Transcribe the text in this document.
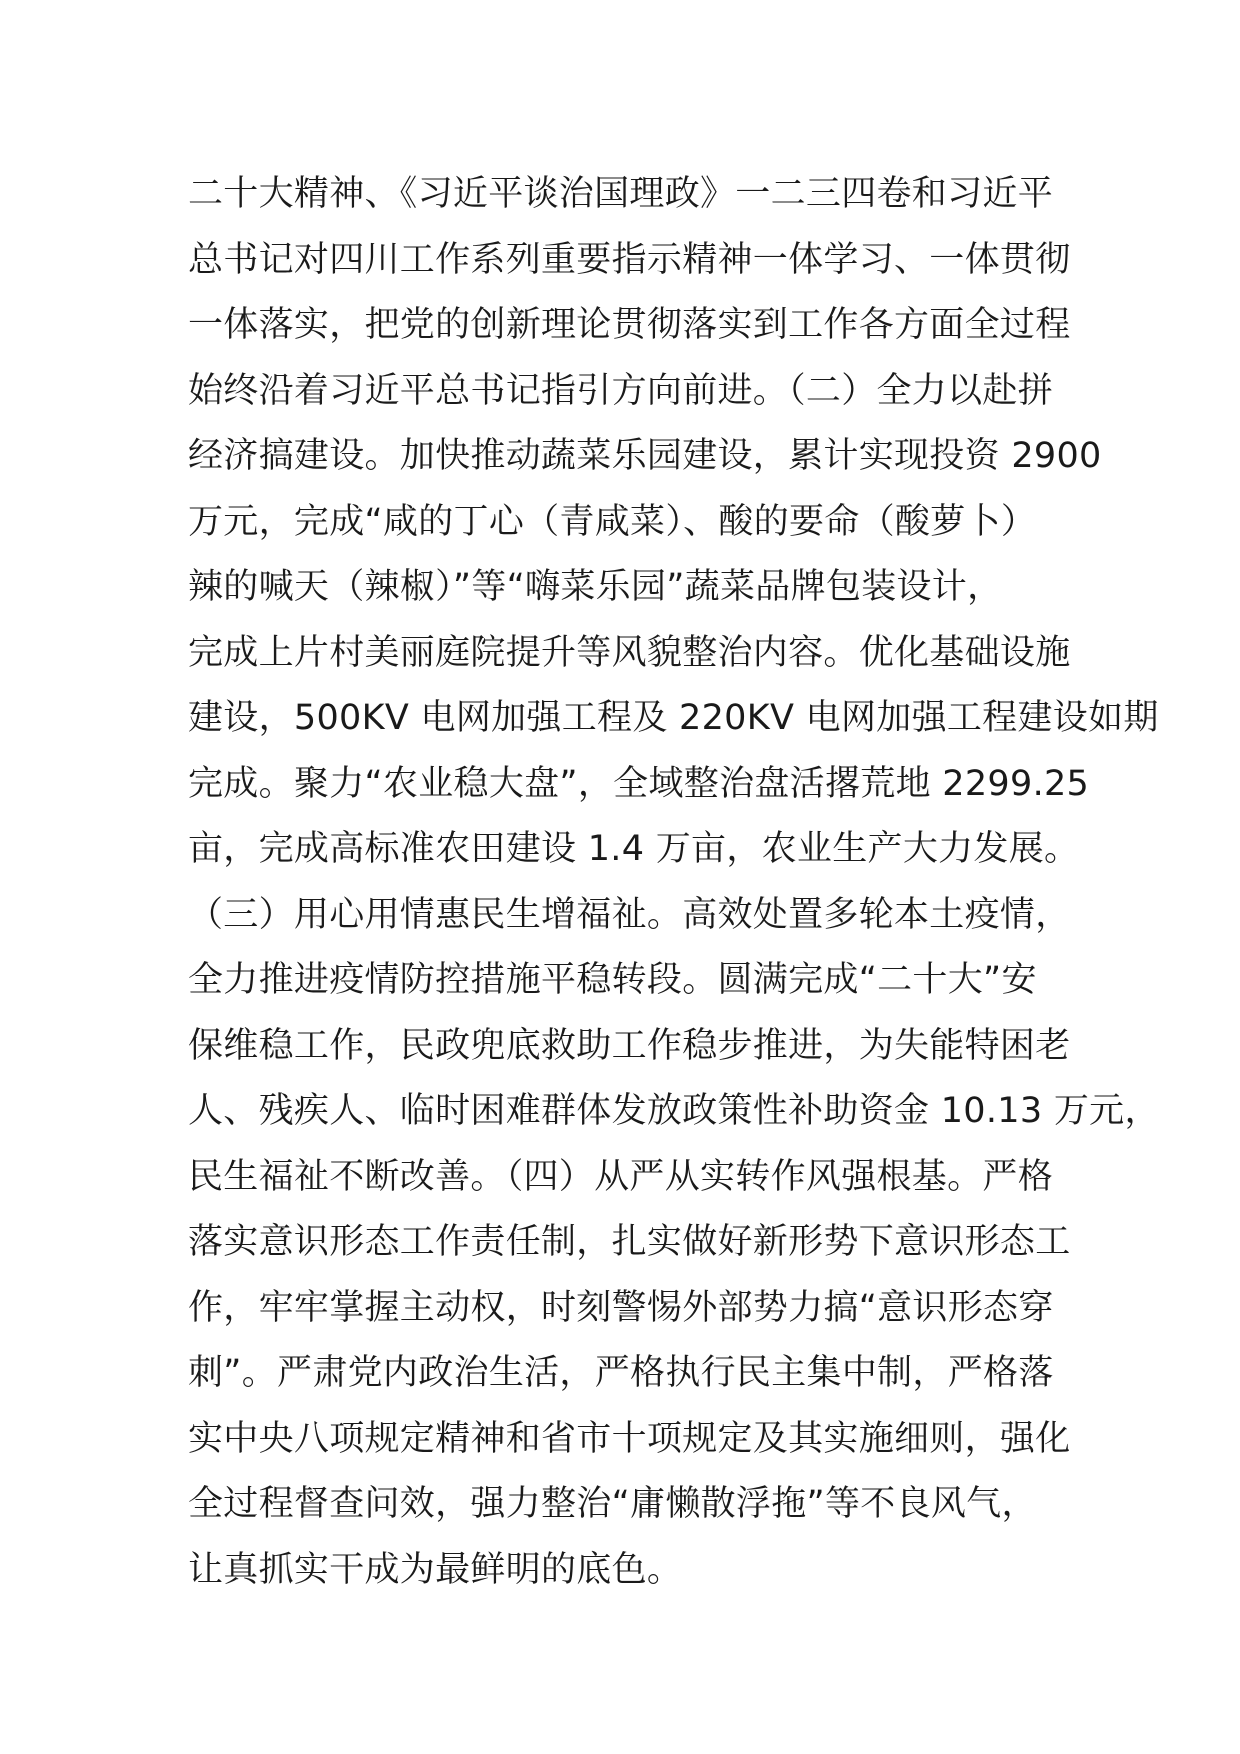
二十大精神、《习近平谈治国理政》一二三四卷和习近平
总书记对四川工作系列重要指示精神一体学习、一体贯彻
一体落实，把党的创新理论贯彻落实到工作各方面全过程
始终沿着习近平总书记指引方向前进。（二）全力以赴拼
经济搞建设。加快推动蔬菜乐园建设，累计实现投资 2900
万元，完成“咸的丁心（青咸菜）、酸的要命（酸萝卜）
辣的喊天（辣椒）”等“嗨菜乐园”蔬菜品牌包装设计，
完成上片村美丽庭院提升等风貌整治内容。优化基础设施
建设，500KV 电网加强工程及 220KV 电网加强工程建设如期
完成。聚力“农业稳大盘”，全域整治盘活撂荒地 2299.25
亩，完成高标准农田建设 1.4 万亩，农业生产大力发展。
（三）用心用情惠民生增福祉。高效处置多轮本土疫情，
全力推进疫情防控措施平稳转段。圆满完成“二十大”安
保维稳工作，民政兜底救助工作稳步推进，为失能特困老
人、残疾人、临时困难群体发放政策性补助资金 10.13 万元，
民生福祉不断改善。（四）从严从实转作风强根基。严格
落实意识形态工作责任制，扎实做好新形势下意识形态工
作，牢牢掌握主动权，时刻警惕外部势力搞“意识形态穿
刺”。严肃党内政治生活，严格执行民主集中制，严格落
实中央八项规定精神和省市十项规定及其实施细则，强化
全过程督查问效，强力整治“庸懒散浮拖”等不良风气，
让真抓实干成为最鲜明的底色。
